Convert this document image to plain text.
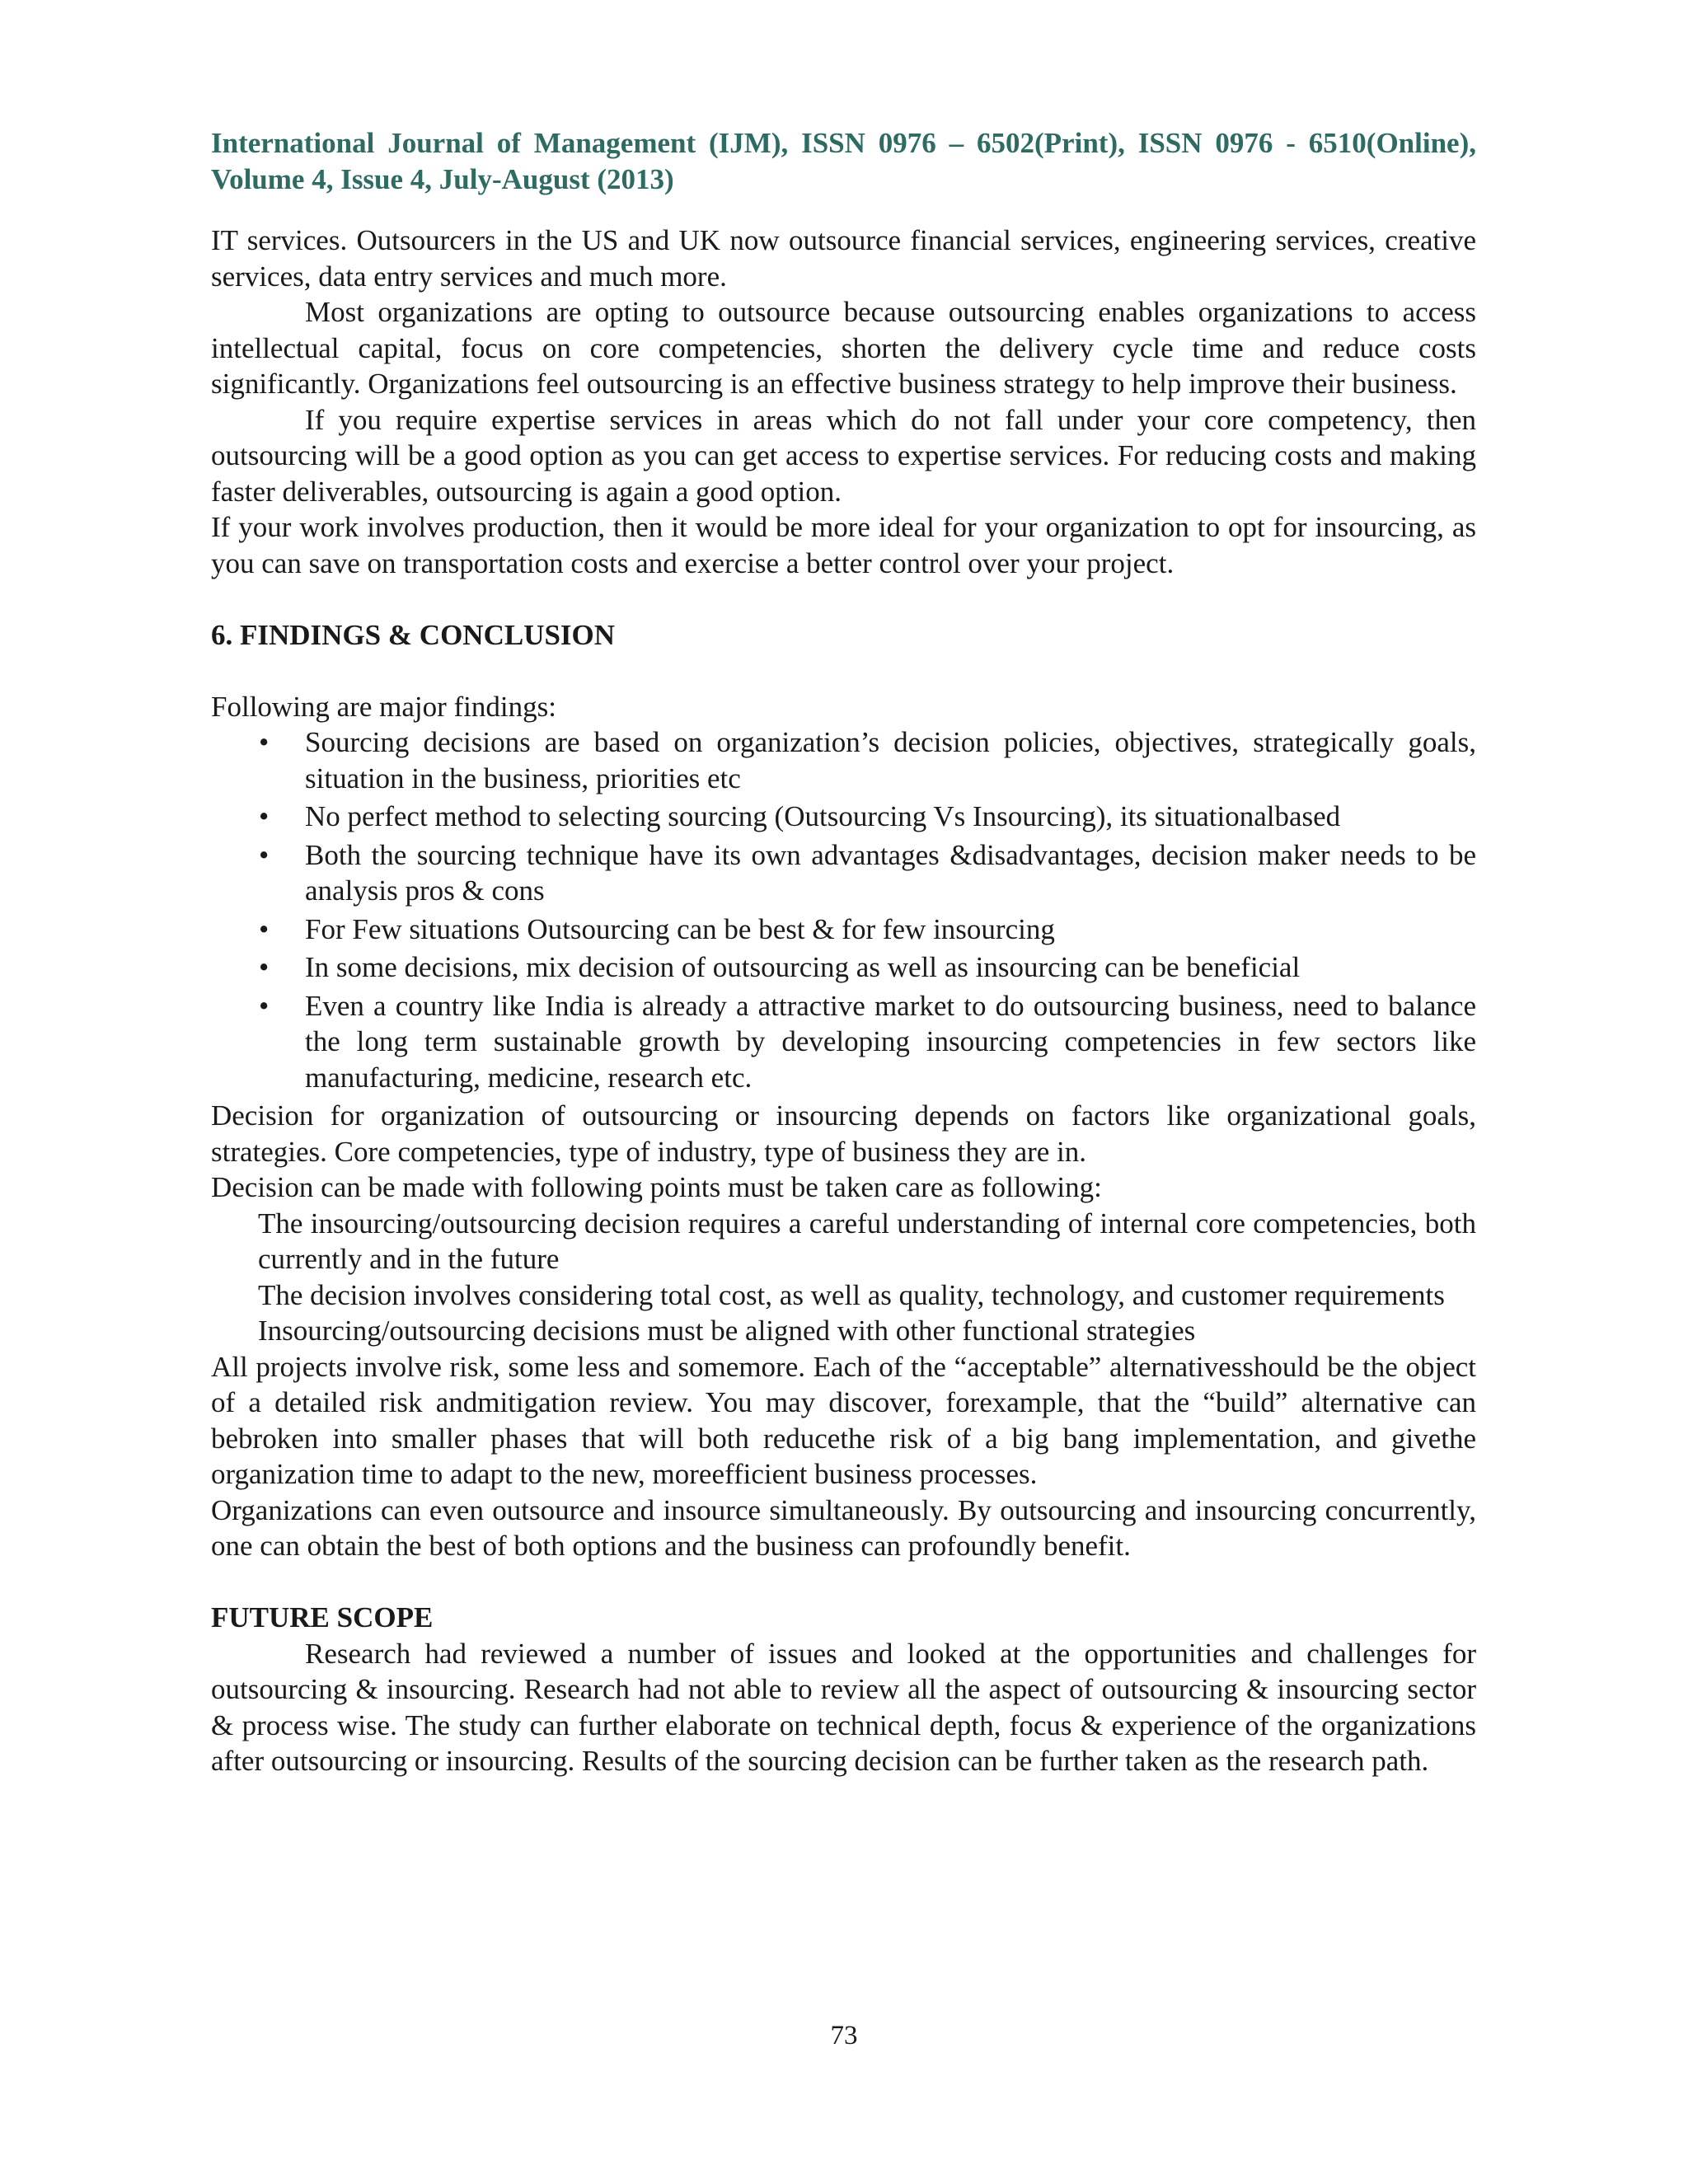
International Journal of Management (IJM), ISSN 0976 – 6502(Print), ISSN 0976 - 6510(Online), Volume 4, Issue 4, July-August (2013)

IT services. Outsourcers in the US and UK now outsource financial services, engineering services, creative services, data entry services and much more.

Most organizations are opting to outsource because outsourcing enables organizations to access intellectual capital, focus on core competencies, shorten the delivery cycle time and reduce costs significantly. Organizations feel outsourcing is an effective business strategy to help improve their business.

If you require expertise services in areas which do not fall under your core competency, then outsourcing will be a good option as you can get access to expertise services. For reducing costs and making faster deliverables, outsourcing is again a good option.

If your work involves production, then it would be more ideal for your organization to opt for insourcing, as you can save on transportation costs and exercise a better control over your project.

6. FINDINGS & CONCLUSION

Following are major findings:

• Sourcing decisions are based on organization’s decision policies, objectives, strategically goals, situation in the business, priorities etc
• No perfect method to selecting sourcing (Outsourcing Vs Insourcing), its situationalbased
• Both the sourcing technique have its own advantages &disadvantages, decision maker needs to be analysis pros & cons
• For Few situations Outsourcing can be best & for few insourcing
• In some decisions, mix decision of outsourcing as well as insourcing can be beneficial
• Even a country like India is already a attractive market to do outsourcing business, need to balance the long term sustainable growth by developing insourcing competencies in few sectors like manufacturing, medicine, research etc.

Decision for organization of outsourcing or insourcing depends on factors like organizational goals, strategies. Core competencies, type of industry, type of business they are in.

Decision can be made with following points must be taken care as following:

The insourcing/outsourcing decision requires a careful understanding of internal core competencies, both currently and in the future

The decision involves considering total cost, as well as quality, technology, and customer requirements

Insourcing/outsourcing decisions must be aligned with other functional strategies

All projects involve risk, some less and somemore. Each of the “acceptable” alternativesshould be the object of a detailed risk andmitigation review. You may discover, forexample, that the “build” alternative can bebroken into smaller phases that will both reducethe risk of a big bang implementation, and givethe organization time to adapt to the new, moreefficient business processes.

Organizations can even outsource and insource simultaneously. By outsourcing and insourcing concurrently, one can obtain the best of both options and the business can profoundly benefit.

FUTURE SCOPE

Research had reviewed a number of issues and looked at the opportunities and challenges for outsourcing & insourcing. Research had not able to review all the aspect of outsourcing & insourcing sector & process wise. The study can further elaborate on technical depth, focus & experience of the organizations after outsourcing or insourcing. Results of the sourcing decision can be further taken as the research path.

73
